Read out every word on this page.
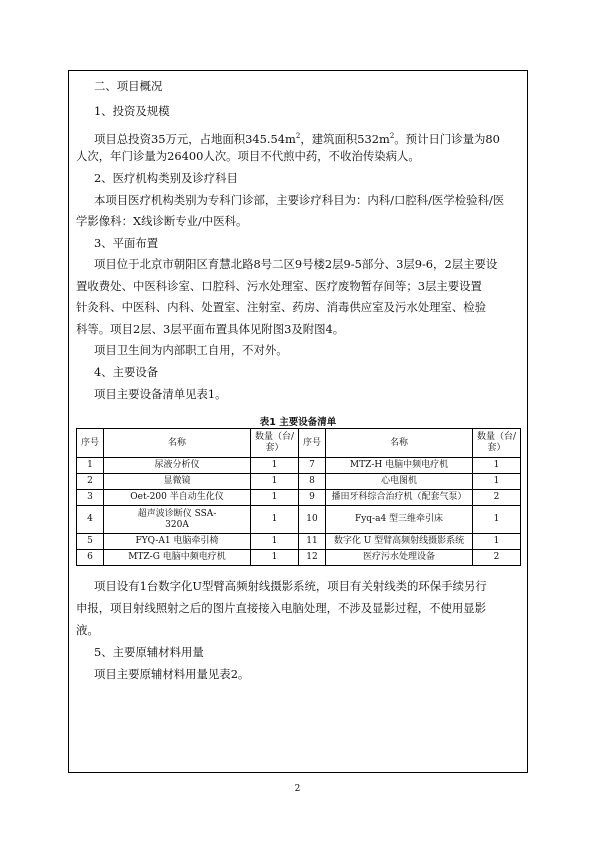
二、项目概况
1、投资及规模
项目总投资35万元，占地面积$345.54m^2$，建筑面积$532m^2$。预计日门诊量为80
人次，年门诊量为26400人次。项目不代煎中药，不收治传染病人。
2、医疗机构类别及诊疗科目
本项目医疗机构类别为专科门诊部，主要诊疗科目为：内科/口腔科/医学检验科/医
学影像科：X线诊断专业/中医科。
3、平面布置
项目位于北京市朝阳区育慧北路8号二区9号楼2层9-5部分、3层9-6，2层主要设
置收费处、中医科诊室、口腔科、污水处理室、医疗废物暂存间等；3层主要设置
针灸科、中医科、内科、处置室、注射室、药房、消毒供应室及污水处理室、检验
科等。项目2层、3层平面布置具体见附图3及附图4。
项目卫生间为内部职工自用，不对外。
4、主要设备
项目主要设备清单见表1。
表1 主要设备清单
序号	名称	数量（台/套）	序号	名称	数量（台/套）
1	尿液分析仪	1	7	MTZ-H 电脑中频电疗机	1
2	显微镜	1	8	心电图机	1
3	Oet-200 半自动生化仪	1	9	播田牙科综合治疗机（配套气泵）	2
4	超声波诊断仪 SSA-320A	1	10	Fyq-a4 型三维牵引床	1
5	FYQ-A1 电脑牵引椅	1	11	数字化 U 型臂高频射线摄影系统	1
6	MTZ-G 电脑中频电疗机	1	12	医疗污水处理设备	2
项目设有1台数字化U型臂高频射线摄影系统，项目有关射线类的环保手续另行
申报，项目射线照射之后的图片直接接入电脑处理，不涉及显影过程，不使用显影
液。
5、主要原辅材料用量
项目主要原辅材料用量见表2。
2
